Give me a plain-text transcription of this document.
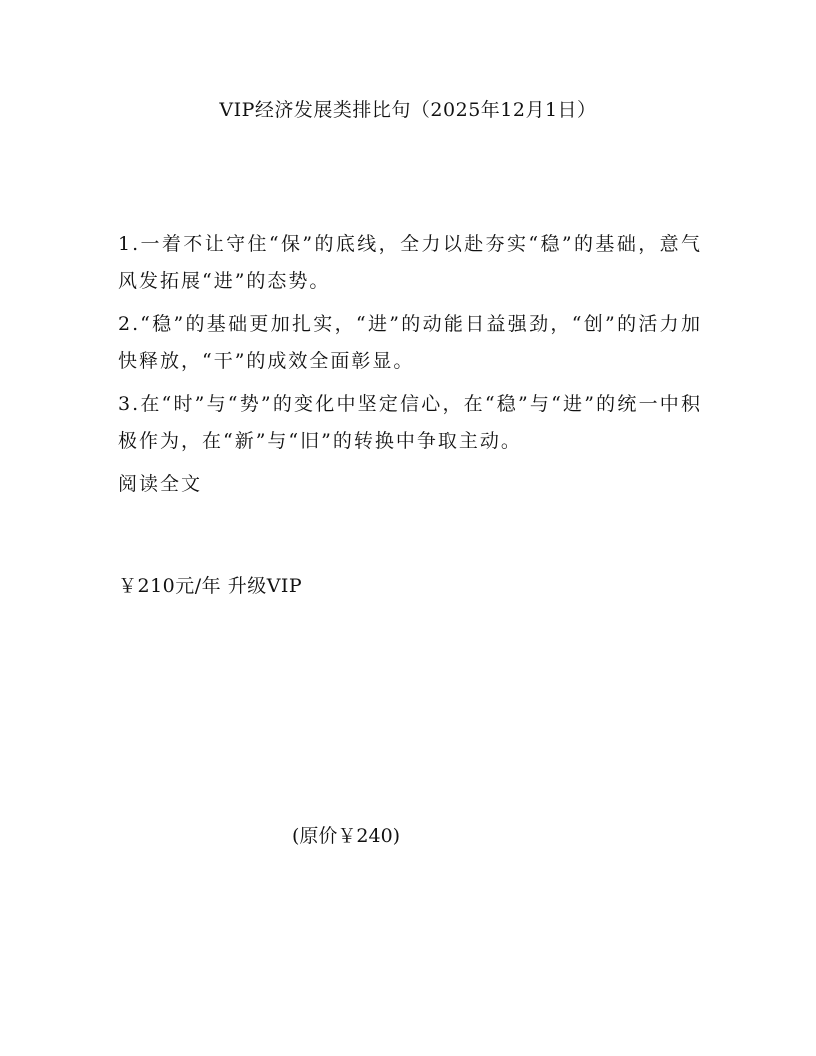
VIP经济发展类排比句（2025年12月1日）

1.一着不让守住“保”的底线，全力以赴夯实“稳”的基础，意气风发拓展“进”的态势。

2.“稳”的基础更加扎实，“进”的动能日益强劲，“创”的活力加快释放，“干”的成效全面彰显。

3.在“时”与“势”的变化中坚定信心，在“稳”与“进”的统一中积极作为，在“新”与“旧”的转换中争取主动。

阅读全文

￥210元/年 升级VIP
(原价￥240)
